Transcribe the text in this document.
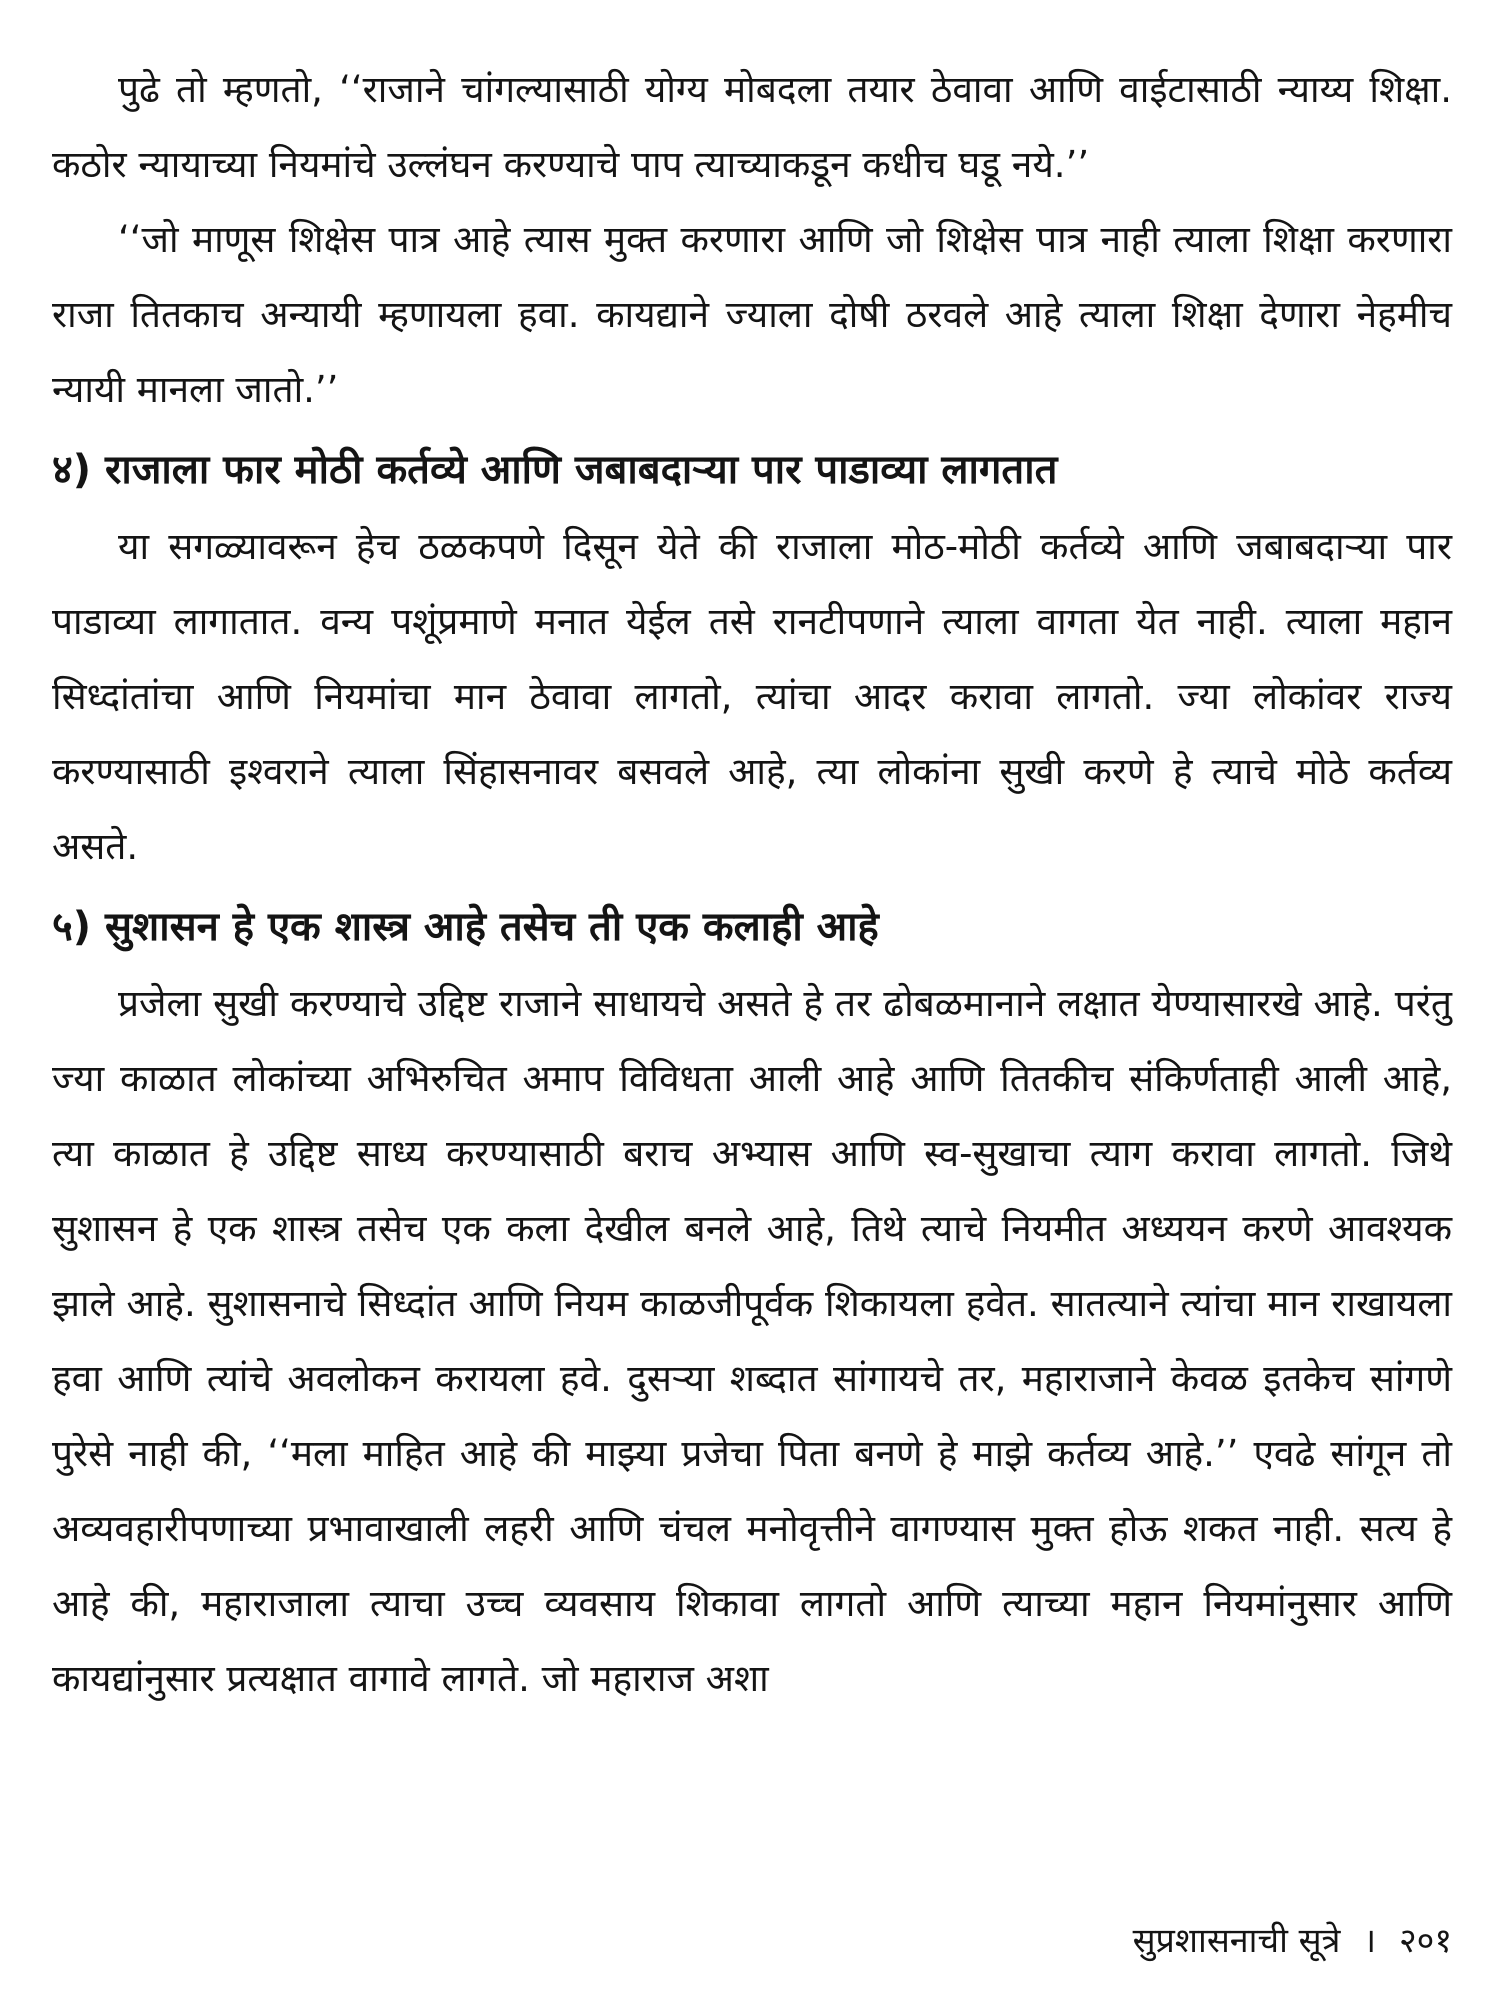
पुढे तो म्हणतो, ‘‘राजाने चांगल्यासाठी योग्य मोबदला तयार ठेवावा आणि वाईटासाठी न्याय्य शिक्षा. कठोर न्यायाच्या नियमांचे उल्लंघन करण्याचे पाप त्याच्याकडून कधीच घडू नये.’’

‘‘जो माणूस शिक्षेस पात्र आहे त्यास मुक्त करणारा आणि जो शिक्षेस पात्र नाही त्याला शिक्षा करणारा राजा तितकाच अन्यायी म्हणायला हवा. कायद्याने ज्याला दोषी ठरवले आहे त्याला शिक्षा देणारा नेहमीच न्यायी मानला जातो.’’

४) राजाला फार मोठी कर्तव्ये आणि जबाबदाऱ्या पार पाडाव्या लागतात

या सगळ्यावरून हेच ठळकपणे दिसून येते की राजाला मोठ-मोठी कर्तव्ये आणि जबाबदाऱ्या पार पाडाव्या लागातात. वन्य पशूंप्रमाणे मनात येईल तसे रानटीपणाने त्याला वागता येत नाही. त्याला महान सिध्दांतांचा आणि नियमांचा मान ठेवावा लागतो, त्यांचा आदर करावा लागतो. ज्या लोकांवर राज्य करण्यासाठी इश्वराने त्याला सिंहासनावर बसवले आहे, त्या लोकांना सुखी करणे हे त्याचे मोठे कर्तव्य असते.

५) सुशासन हे एक शास्त्र आहे तसेच ती एक कलाही आहे

प्रजेला सुखी करण्याचे उद्दिष्ट राजाने साधायचे असते हे तर ढोबळमानाने लक्षात येण्यासारखे आहे. परंतु ज्या काळात लोकांच्या अभिरुचित अमाप विविधता आली आहे आणि तितकीच संकिर्णताही आली आहे, त्या काळात हे उद्दिष्ट साध्य करण्यासाठी बराच अभ्यास आणि स्व-सुखाचा त्याग करावा लागतो. जिथे सुशासन हे एक शास्त्र तसेच एक कला देखील बनले आहे, तिथे त्याचे नियमीत अध्ययन करणे आवश्यक झाले आहे. सुशासनाचे सिध्दांत आणि नियम काळजीपूर्वक शिकायला हवेत. सातत्याने त्यांचा मान राखायला हवा आणि त्यांचे अवलोकन करायला हवे. दुसऱ्या शब्दात सांगायचे तर, महाराजाने केवळ इतकेच सांगणे पुरेसे नाही की, ‘‘मला माहित आहे की माझ्या प्रजेचा पिता बनणे हे माझे कर्तव्य आहे.’’ एवढे सांगून तो अव्यवहारीपणाच्या प्रभावाखाली लहरी आणि चंचल मनोवृत्तीने वागण्यास मुक्त होऊ शकत नाही. सत्य हे आहे की, महाराजाला त्याचा उच्च व्यवसाय शिकावा लागतो आणि त्याच्या महान नियमांनुसार आणि कायद्यांनुसार प्रत्यक्षात वागावे लागते. जो महाराज अशा

सुप्रशासनाची सूत्रे । २०१
